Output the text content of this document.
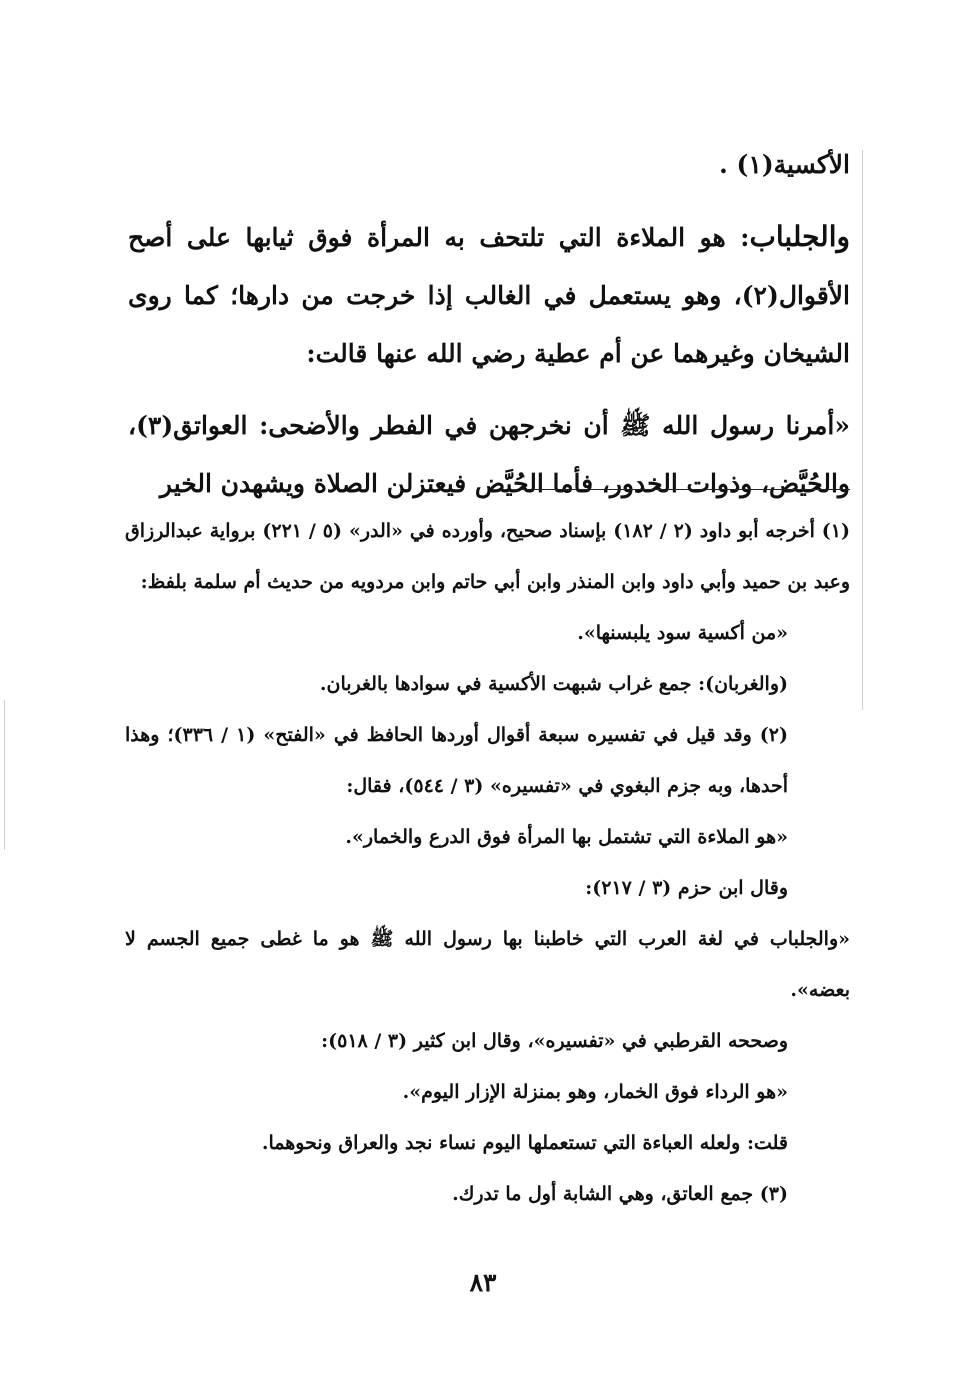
الأكسية(١) .

والجلباب: هو الملاءة التي تلتحف به المرأة فوق ثيابها على أصح الأقوال(٢)، وهو يستعمل في الغالب إذا خرجت من دارها؛ كما روى الشيخان وغيرهما عن أم عطية رضي الله عنها قالت:

«أمرنا رسول الله ﷺ أن نخرجهن في الفطر والأضحى: العواتق(٣)، والحُيَّض، وذوات الخدور، فأما الحُيَّض فيعتزلن الصلاة ويشهدن الخير

(١) أخرجه أبو داود (٢ / ١٨٢) بإسناد صحيح، وأورده في «الدر» (٥ / ٢٢١) برواية عبدالرزاق وعبد بن حميد وأبي داود وابن المنذر وابن أبي حاتم وابن مردويه من حديث أم سلمة بلفظ:

«من أكسية سود يلبسنها».

(والغربان): جمع غراب شبهت الأكسية في سوادها بالغربان.

(٢) وقد قيل في تفسيره سبعة أقوال أوردها الحافظ في «الفتح» (١ / ٣٣٦)؛ وهذا أحدها، وبه جزم البغوي في «تفسيره» (٣ / ٥٤٤)، فقال:

«هو الملاءة التي تشتمل بها المرأة فوق الدرع والخمار».

وقال ابن حزم (٣ / ٢١٧):

«والجلباب في لغة العرب التي خاطبنا بها رسول الله ﷺ هو ما غطى جميع الجسم لا بعضه».

وصححه القرطبي في «تفسيره»، وقال ابن كثير (٣ / ٥١٨):

«هو الرداء فوق الخمار، وهو بمنزلة الإزار اليوم».

قلت: ولعله العباءة التي تستعملها اليوم نساء نجد والعراق ونحوهما.

(٣) جمع العاتق، وهي الشابة أول ما تدرك.

٨٣
